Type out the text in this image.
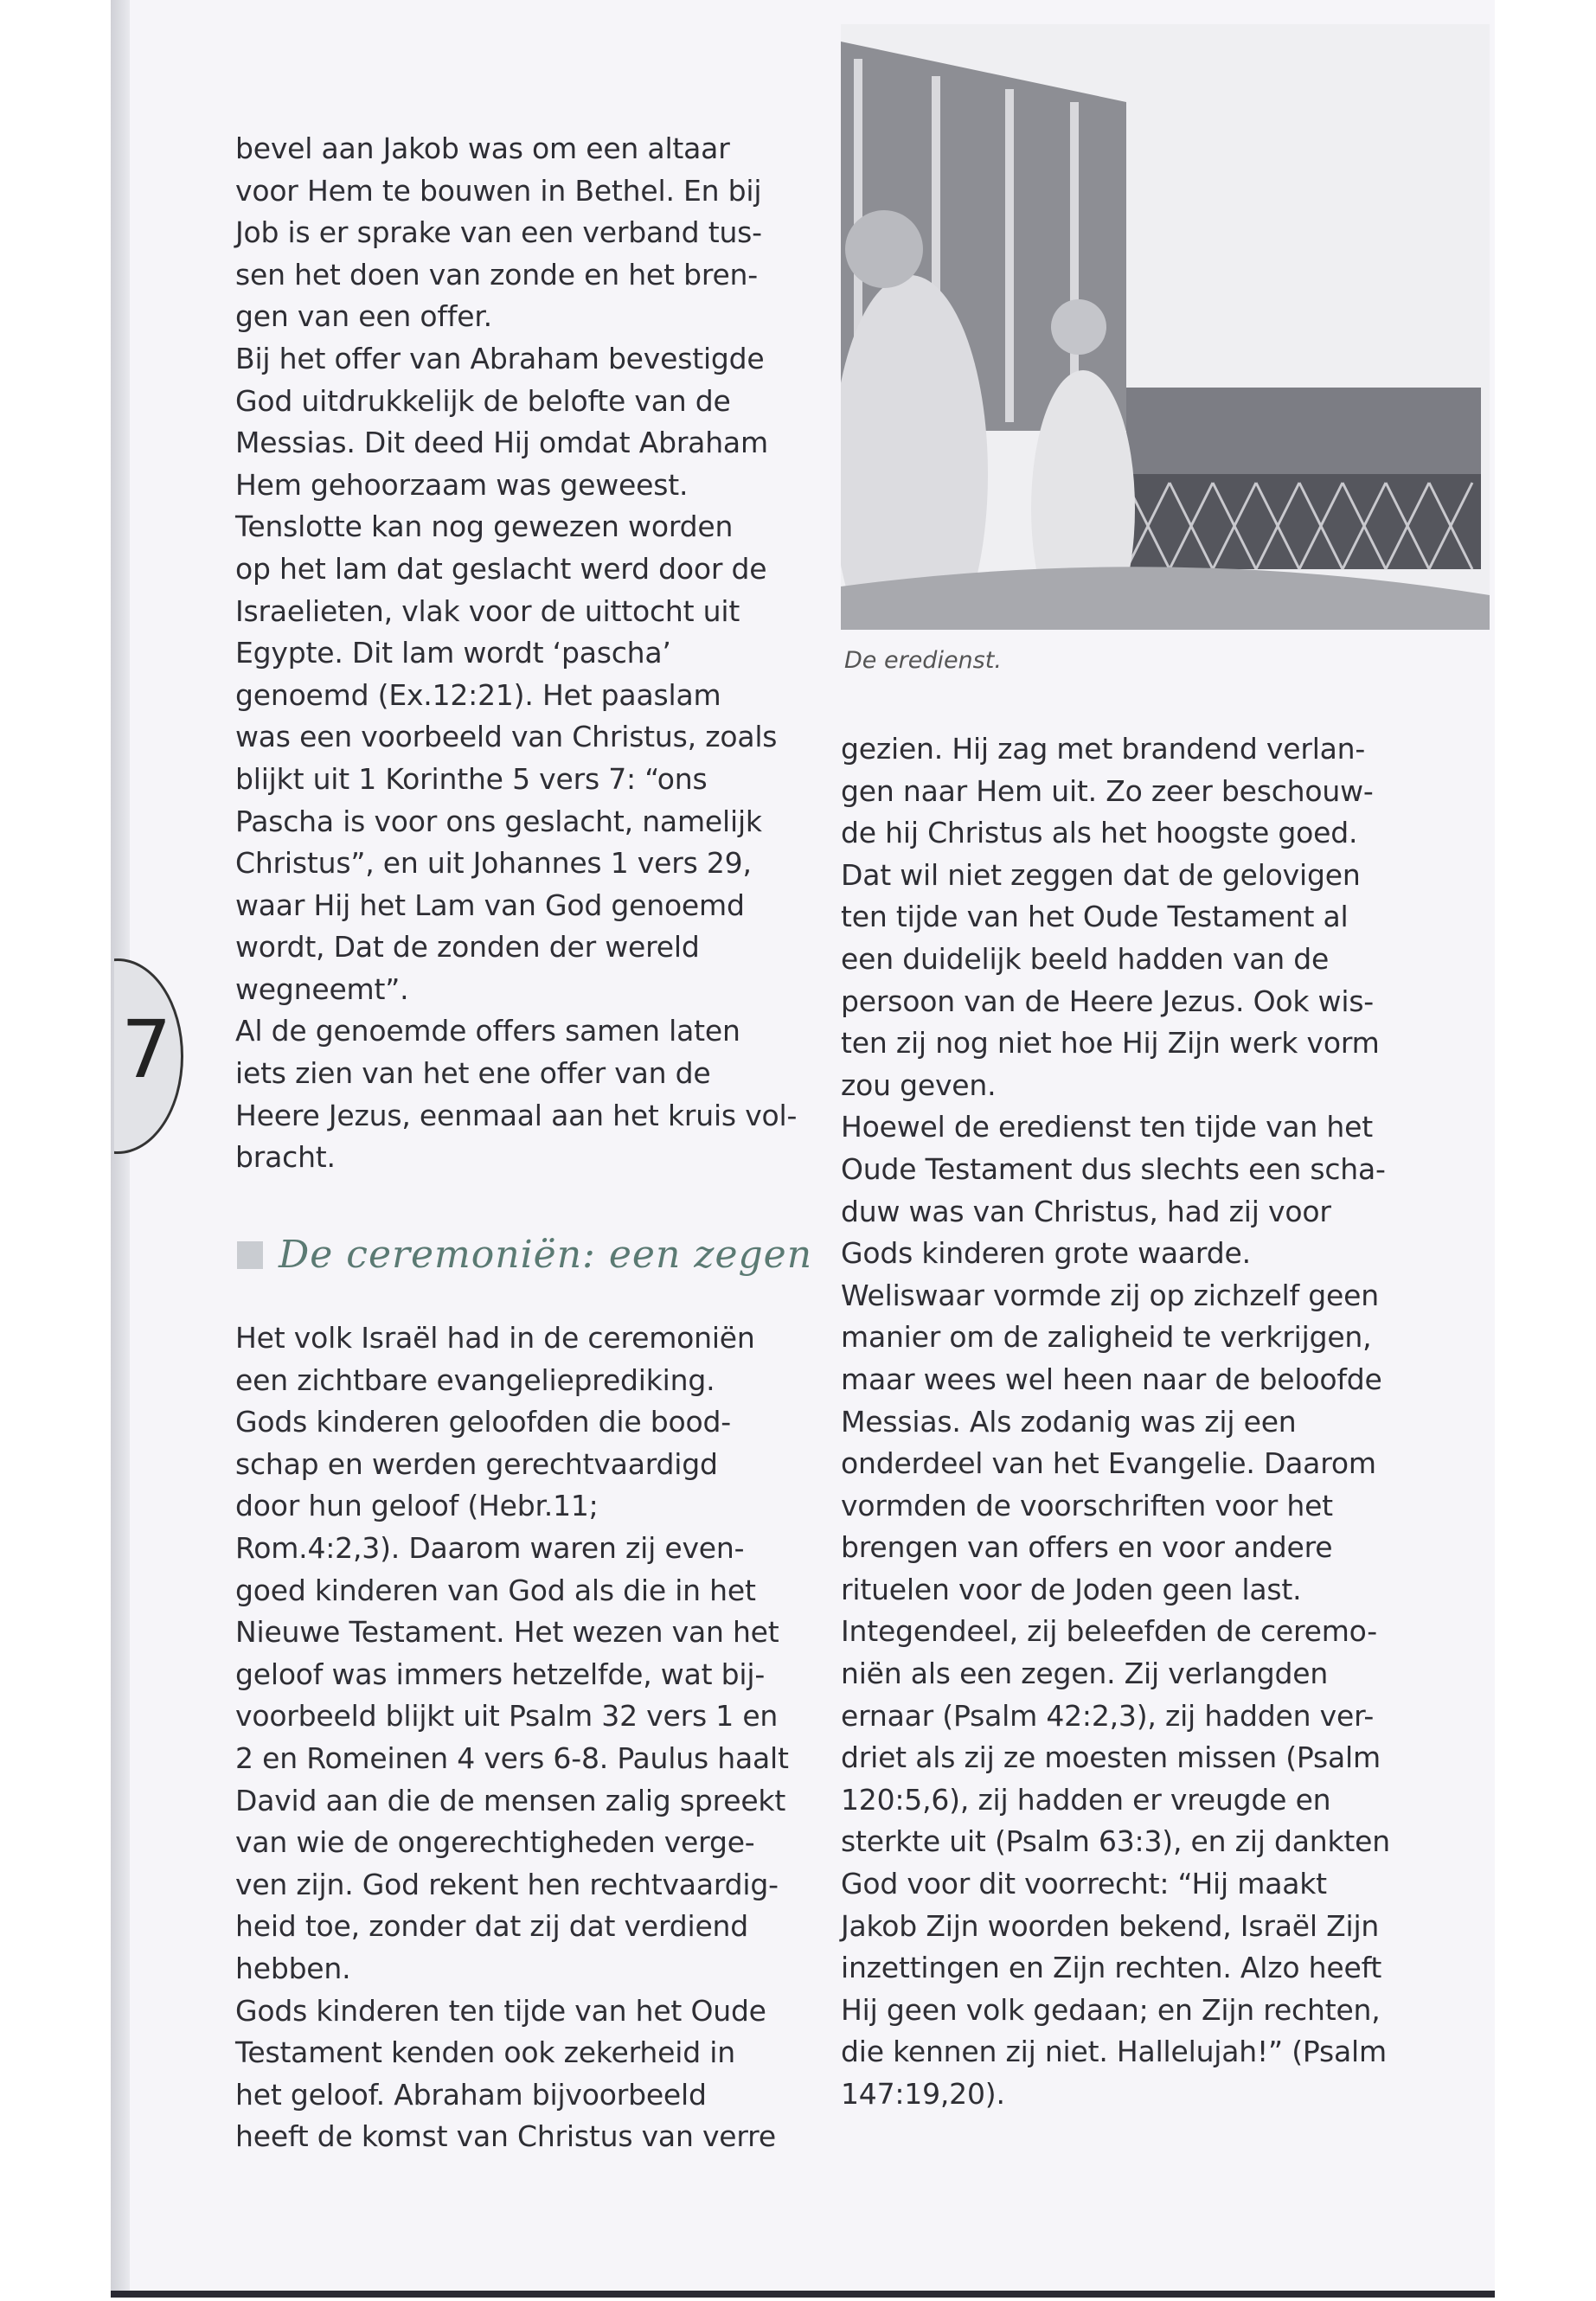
7
bevel aan Jakob was om een altaar
voor Hem te bouwen in Bethel. En bij
Job is er sprake van een verband tus-
sen het doen van zonde en het bren-
gen van een offer.
Bij het offer van Abraham bevestigde
God uitdrukkelijk de belofte van de
Messias. Dit deed Hij omdat Abraham
Hem gehoorzaam was geweest.
Tenslotte kan nog gewezen worden
op het lam dat geslacht werd door de
Israelieten, vlak voor de uittocht uit
Egypte. Dit lam wordt ‘pascha’
genoemd (Ex.12:21). Het paaslam
was een voorbeeld van Christus, zoals
blijkt uit 1 Korinthe 5 vers 7: “ons
Pascha is voor ons geslacht, namelijk
Christus”, en uit Johannes 1 vers 29,
waar Hij het Lam van God genoemd
wordt, Dat de zonden der wereld
wegneemt”.
Al de genoemde offers samen laten
iets zien van het ene offer van de
Heere Jezus, eenmaal aan het kruis vol-
bracht.
De ceremoniën: een zegen
Het volk Israël had in de ceremoniën
een zichtbare evangelieprediking.
Gods kinderen geloofden die bood-
schap en werden gerechtvaardigd
door hun geloof (Hebr.11;
Rom.4:2,3). Daarom waren zij even-
goed kinderen van God als die in het
Nieuwe Testament. Het wezen van het
geloof was immers hetzelfde, wat bij-
voorbeeld blijkt uit Psalm 32 vers 1 en
2 en Romeinen 4 vers 6-8. Paulus haalt
David aan die de mensen zalig spreekt
van wie de ongerechtigheden verge-
ven zijn. God rekent hen rechtvaardig-
heid toe, zonder dat zij dat verdiend
hebben.
Gods kinderen ten tijde van het Oude
Testament kenden ook zekerheid in
het geloof. Abraham bijvoorbeeld
heeft de komst van Christus van verre
De eredienst.
gezien. Hij zag met brandend verlan-
gen naar Hem uit. Zo zeer beschouw-
de hij Christus als het hoogste goed.
Dat wil niet zeggen dat de gelovigen
ten tijde van het Oude Testament al
een duidelijk beeld hadden van de
persoon van de Heere Jezus. Ook wis-
ten zij nog niet hoe Hij Zijn werk vorm
zou geven.
Hoewel de eredienst ten tijde van het
Oude Testament dus slechts een scha-
duw was van Christus, had zij voor
Gods kinderen grote waarde.
Weliswaar vormde zij op zichzelf geen
manier om de zaligheid te verkrijgen,
maar wees wel heen naar de beloofde
Messias. Als zodanig was zij een
onderdeel van het Evangelie. Daarom
vormden de voorschriften voor het
brengen van offers en voor andere
rituelen voor de Joden geen last.
Integendeel, zij beleefden de ceremo-
niën als een zegen. Zij verlangden
ernaar (Psalm 42:2,3), zij hadden ver-
driet als zij ze moesten missen (Psalm
120:5,6), zij hadden er vreugde en
sterkte uit (Psalm 63:3), en zij dankten
God voor dit voorrecht: “Hij maakt
Jakob Zijn woorden bekend, Israël Zijn
inzettingen en Zijn rechten. Alzo heeft
Hij geen volk gedaan; en Zijn rechten,
die kennen zij niet. Hallelujah!” (Psalm
147:19,20).
